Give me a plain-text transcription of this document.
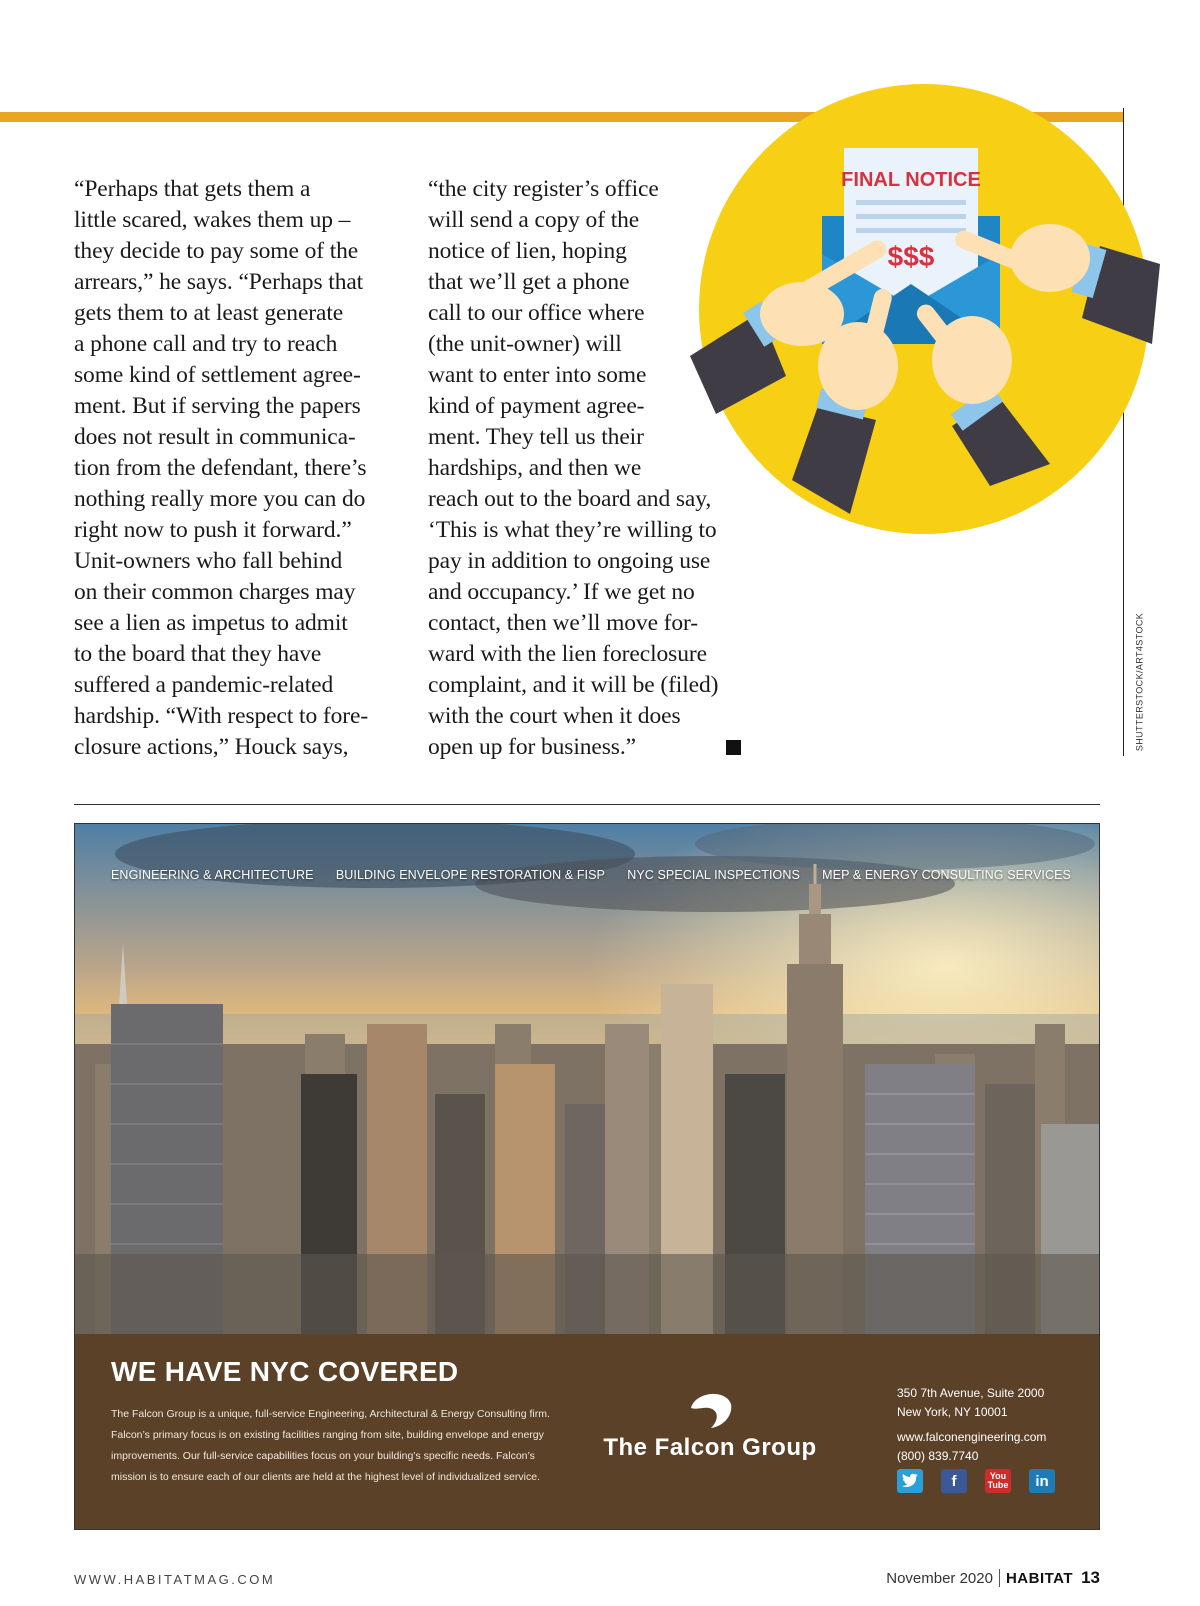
“Perhaps that gets them a
little scared, wakes them up –
they decide to pay some of the
arrears,” he says. “Perhaps that
gets them to at least generate
a phone call and try to reach
some kind of settlement agree-
ment. But if serving the papers
does not result in communica-
tion from the defendant, there’s
nothing really more you can do
right now to push it forward.”
Unit-owners who fall behind
on their common charges may
see a lien as impetus to admit
to the board that they have
suffered a pandemic-related
hardship. “With respect to fore-
closure actions,” Houck says,
“the city register’s office
will send a copy of the
notice of lien, hoping
that we’ll get a phone
call to our office where
(the unit-owner) will
want to enter into some
kind of payment agree-
ment. They tell us their
hardships, and then we
reach out to the board and say,
‘This is what they’re willing to
pay in addition to ongoing use
and occupancy.’ If we get no
contact, then we’ll move for-
ward with the lien foreclosure
complaint, and it will be (filed)
with the court when it does
open up for business.”
FINAL NOTICE
$$$
SHUTTERSTOCK/ART4STOCK
ENGINEERING & ARCHITECTURE BUILDING ENVELOPE RESTORATION & FISP NYC SPECIAL INSPECTIONS MEP & ENERGY CONSULTING SERVICES
WE HAVE NYC COVERED
The Falcon Group is a unique, full-service Engineering, Architectural & Energy Consulting firm. Falcon’s primary focus is on existing facilities ranging from site, building envelope and energy improvements. Our full-service capabilities focus on your building’s specific needs. Falcon’s mission is to ensure each of our clients are held at the highest level of individualized service.
The Falcon Group
350 7th Avenue, Suite 2000
New York, NY 10001
www.falconengineering.com
(800) 839.7740
f	You Tube	in
WWW.HABITATMAG.COM	November 2020 HABITAT 13
